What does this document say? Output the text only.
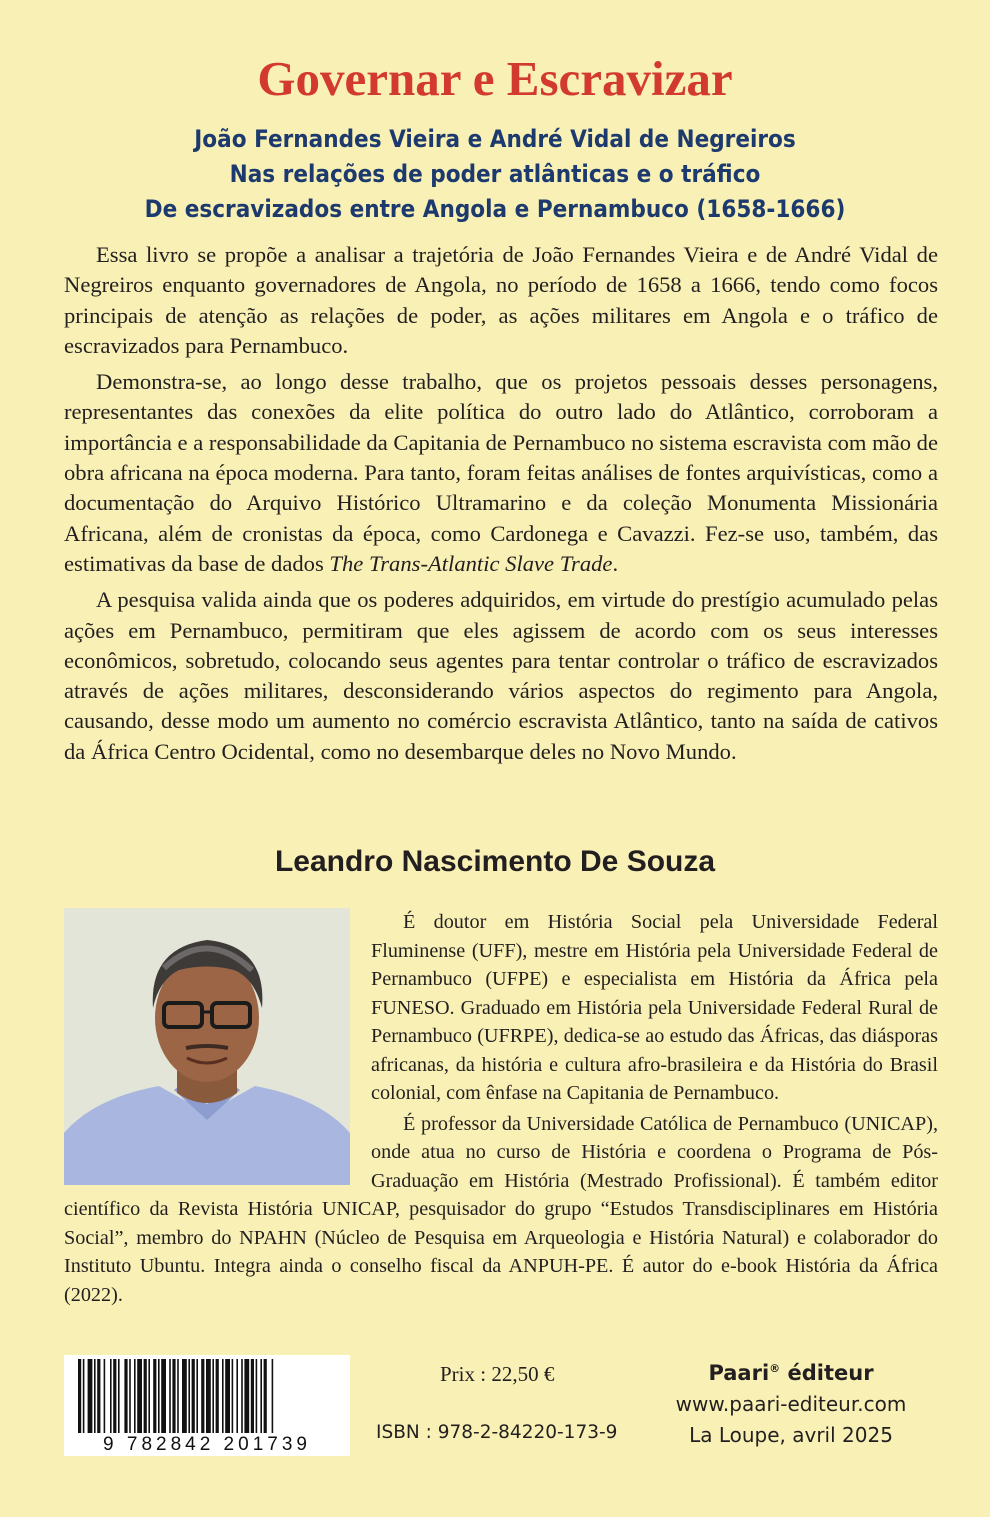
Governar e Escravizar
João Fernandes Vieira e André Vidal de Negreiros
Nas relações de poder atlânticas e o tráfico
De escravizados entre Angola e Pernambuco (1658-1666)

Essa livro se propõe a analisar a trajetória de João Fernandes Vieira e de André Vidal de Negreiros enquanto governadores de Angola, no período de 1658 a 1666, tendo como focos principais de atenção as relações de poder, as ações militares em Angola e o tráfico de escravizados para Pernambuco.

Demonstra-se, ao longo desse trabalho, que os projetos pessoais desses personagens, representantes das conexões da elite política do outro lado do Atlântico, corroboram a importância e a responsabilidade da Capitania de Pernambuco no sistema escravista com mão de obra africana na época moderna. Para tanto, foram feitas análises de fontes arquivísticas, como a documentação do Arquivo Histórico Ultramarino e da coleção Monumenta Missionária Africana, além de cronistas da época, como Cardonega e Cavazzi. Fez-se uso, também, das estimativas da base de dados The Trans-Atlantic Slave Trade.

A pesquisa valida ainda que os poderes adquiridos, em virtude do prestígio acumulado pelas ações em Pernambuco, permitiram que eles agissem de acordo com os seus interesses econômicos, sobretudo, colocando seus agentes para tentar controlar o tráfico de escravizados através de ações militares, desconsiderando vários aspectos do regimento para Angola, causando, desse modo um aumento no comércio escravista Atlântico, tanto na saída de cativos da África Centro Ocidental, como no desembarque deles no Novo Mundo.

Leandro Nascimento De Souza

É doutor em História Social pela Universidade Federal Fluminense (UFF), mestre em História pela Universidade Federal de Pernambuco (UFPE) e especialista em História da África pela FUNESO. Graduado em História pela Universidade Federal Rural de Pernambuco (UFRPE), dedica-se ao estudo das Áfricas, das diásporas africanas, da história e cultura afro-brasileira e da História do Brasil colonial, com ênfase na Capitania de Pernambuco.

É professor da Universidade Católica de Pernambuco (UNICAP), onde atua no curso de História e coordena o Programa de Pós-Graduação em História (Mestrado Profissional). É também editor científico da Revista História UNICAP, pesquisador do grupo “Estudos Transdisciplinares em História Social”, membro do NPAHN (Núcleo de Pesquisa em Arqueologia e História Natural) e colaborador do Instituto Ubuntu. Integra ainda o conselho fiscal da ANPUH-PE. É autor do e-book História da África (2022).

9 782842 201739
Prix : 22,50 €
ISBN : 978-2-84220-173-9
Paari® éditeur
www.paari-editeur.com
La Loupe, avril 2025
